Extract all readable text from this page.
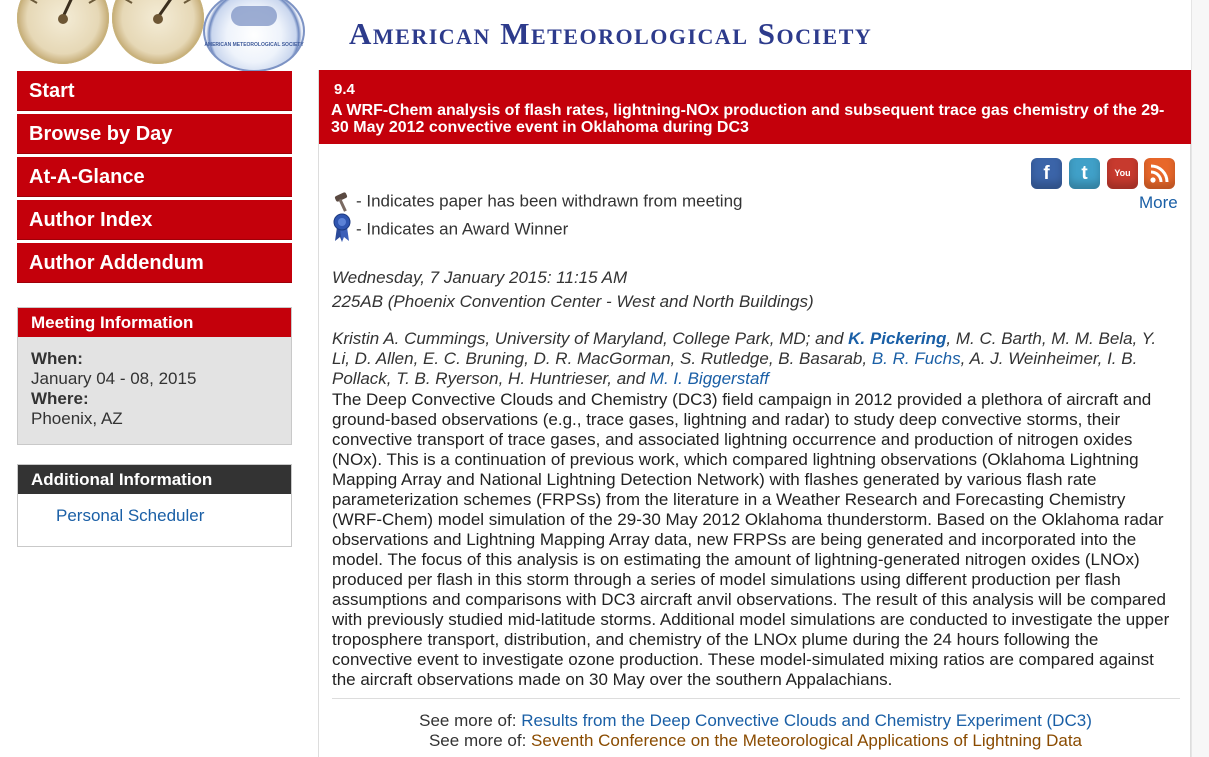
AMERICAN METEOROLOGICAL SOCIETY American Meteorological Society
Start
Browse by Day
At-A-Glance
Author Index
Author Addendum
Meeting Information
When:
January 04 - 08, 2015
Where:
Phoenix, AZ
Additional Information
Personal Scheduler
9.4
A WRF-Chem analysis of flash rates, lightning-NOx production and subsequent trace gas chemistry of the 29-30 May 2012 convective event in Oklahoma during DC3
f	t	You Tube More
- Indicates paper has been withdrawn from meeting
- Indicates an Award Winner
Wednesday, 7 January 2015: 11:15 AM
225AB (Phoenix Convention Center - West and North Buildings)
Kristin A. Cummings, University of Maryland, College Park, MD; and K. Pickering, M. C. Barth, M. M. Bela, Y. Li, D. Allen, E. C. Bruning, D. R. MacGorman, S. Rutledge, B. Basarab, B. R. Fuchs, A. J. Weinheimer, I. B. Pollack, T. B. Ryerson, H. Huntrieser, and M. I. Biggerstaff
The Deep Convective Clouds and Chemistry (DC3) field campaign in 2012 provided a plethora of aircraft and ground-based observations (e.g., trace gases, lightning and radar) to study deep convective storms, their convective transport of trace gases, and associated lightning occurrence and production of nitrogen oxides (NOx). This is a continuation of previous work, which compared lightning observations (Oklahoma Lightning Mapping Array and National Lightning Detection Network) with flashes generated by various flash rate parameterization schemes (FRPSs) from the literature in a Weather Research and Forecasting Chemistry (WRF-Chem) model simulation of the 29-30 May 2012 Oklahoma thunderstorm. Based on the Oklahoma radar observations and Lightning Mapping Array data, new FRPSs are being generated and incorporated into the model. The focus of this analysis is on estimating the amount of lightning-generated nitrogen oxides (LNOx) produced per flash in this storm through a series of model simulations using different production per flash assumptions and comparisons with DC3 aircraft anvil observations. The result of this analysis will be compared with previously studied mid-latitude storms. Additional model simulations are conducted to investigate the upper troposphere transport, distribution, and chemistry of the LNOx plume during the 24 hours following the convective event to investigate ozone production. These model-simulated mixing ratios are compared against the aircraft observations made on 30 May over the southern Appalachians.
See more of: Results from the Deep Convective Clouds and Chemistry Experiment (DC3)
See more of: Seventh Conference on the Meteorological Applications of Lightning Data
